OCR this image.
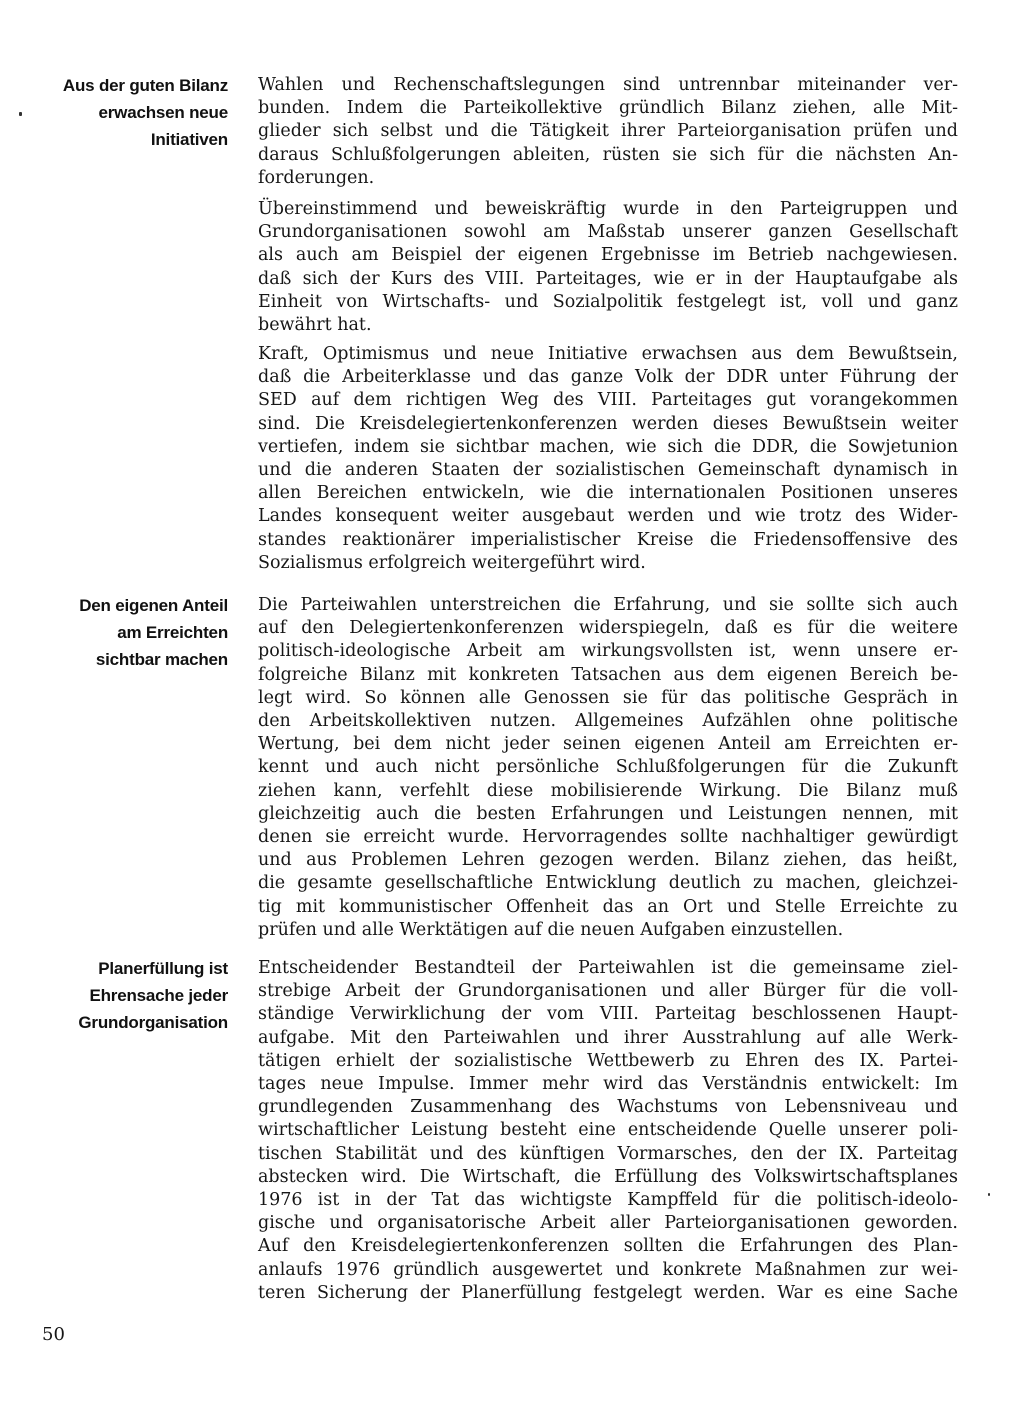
Aus der guten Bilanz
erwachsen neue
Initiativen
Wahlen und Rechenschaftslegungen sind untrennbar miteinander ver-
bunden. Indem die Parteikollektive gründlich Bilanz ziehen, alle Mit-
glieder sich selbst und die Tätigkeit ihrer Parteiorganisation prüfen und
daraus Schlußfolgerungen ableiten, rüsten sie sich für die nächsten An-
forderungen.
Übereinstimmend und beweiskräftig wurde in den Parteigruppen und
Grundorganisationen sowohl am Maßstab unserer ganzen Gesellschaft
als auch am Beispiel der eigenen Ergebnisse im Betrieb nachgewiesen.
daß sich der Kurs des VIII. Parteitages, wie er in der Hauptaufgabe als
Einheit von Wirtschafts- und Sozialpolitik festgelegt ist, voll und ganz
bewährt hat.
Kraft, Optimismus und neue Initiative erwachsen aus dem Bewußtsein,
daß die Arbeiterklasse und das ganze Volk der DDR unter Führung der
SED auf dem richtigen Weg des VIII. Parteitages gut vorangekommen
sind. Die Kreisdelegiertenkonferenzen werden dieses Bewußtsein weiter
vertiefen, indem sie sichtbar machen, wie sich die DDR, die Sowjetunion
und die anderen Staaten der sozialistischen Gemeinschaft dynamisch in
allen Bereichen entwickeln, wie die internationalen Positionen unseres
Landes konsequent weiter ausgebaut werden und wie trotz des Wider-
standes reaktionärer imperialistischer Kreise die Friedensoffensive des
Sozialismus erfolgreich weitergeführt wird.
Den eigenen Anteil
am Erreichten
sichtbar machen
Die Parteiwahlen unterstreichen die Erfahrung, und sie sollte sich auch
auf den Delegiertenkonferenzen widerspiegeln, daß es für die weitere
politisch-ideologische Arbeit am wirkungsvollsten ist, wenn unsere er-
folgreiche Bilanz mit konkreten Tatsachen aus dem eigenen Bereich be-
legt wird. So können alle Genossen sie für das politische Gespräch in
den Arbeitskollektiven nutzen. Allgemeines Aufzählen ohne politische
Wertung, bei dem nicht jeder seinen eigenen Anteil am Erreichten er-
kennt und auch nicht persönliche Schlußfolgerungen für die Zukunft
ziehen kann, verfehlt diese mobilisierende Wirkung. Die Bilanz muß
gleichzeitig auch die besten Erfahrungen und Leistungen nennen, mit
denen sie erreicht wurde. Hervorragendes sollte nachhaltiger gewürdigt
und aus Problemen Lehren gezogen werden. Bilanz ziehen, das heißt,
die gesamte gesellschaftliche Entwicklung deutlich zu machen, gleichzei-
tig mit kommunistischer Offenheit das an Ort und Stelle Erreichte zu
prüfen und alle Werktätigen auf die neuen Aufgaben einzustellen.
Planerfüllung ist
Ehrensache jeder
Grundorganisation
Entscheidender Bestandteil der Parteiwahlen ist die gemeinsame ziel-
strebige Arbeit der Grundorganisationen und aller Bürger für die voll-
ständige Verwirklichung der vom VIII. Parteitag beschlossenen Haupt-
aufgabe. Mit den Parteiwahlen und ihrer Ausstrahlung auf alle Werk-
tätigen erhielt der sozialistische Wettbewerb zu Ehren des IX. Partei-
tages neue Impulse. Immer mehr wird das Verständnis entwickelt: Im
grundlegenden Zusammenhang des Wachstums von Lebensniveau und
wirtschaftlicher Leistung besteht eine entscheidende Quelle unserer poli-
tischen Stabilität und des künftigen Vormarsches, den der IX. Parteitag
abstecken wird. Die Wirtschaft, die Erfüllung des Volkswirtschaftsplanes
1976 ist in der Tat das wichtigste Kampffeld für die politisch-ideolo-
gische und organisatorische Arbeit aller Parteiorganisationen geworden.
Auf den Kreisdelegiertenkonferenzen sollten die Erfahrungen des Plan-
anlaufs 1976 gründlich ausgewertet und konkrete Maßnahmen zur wei-
teren Sicherung der Planerfüllung festgelegt werden. War es eine Sache
50
